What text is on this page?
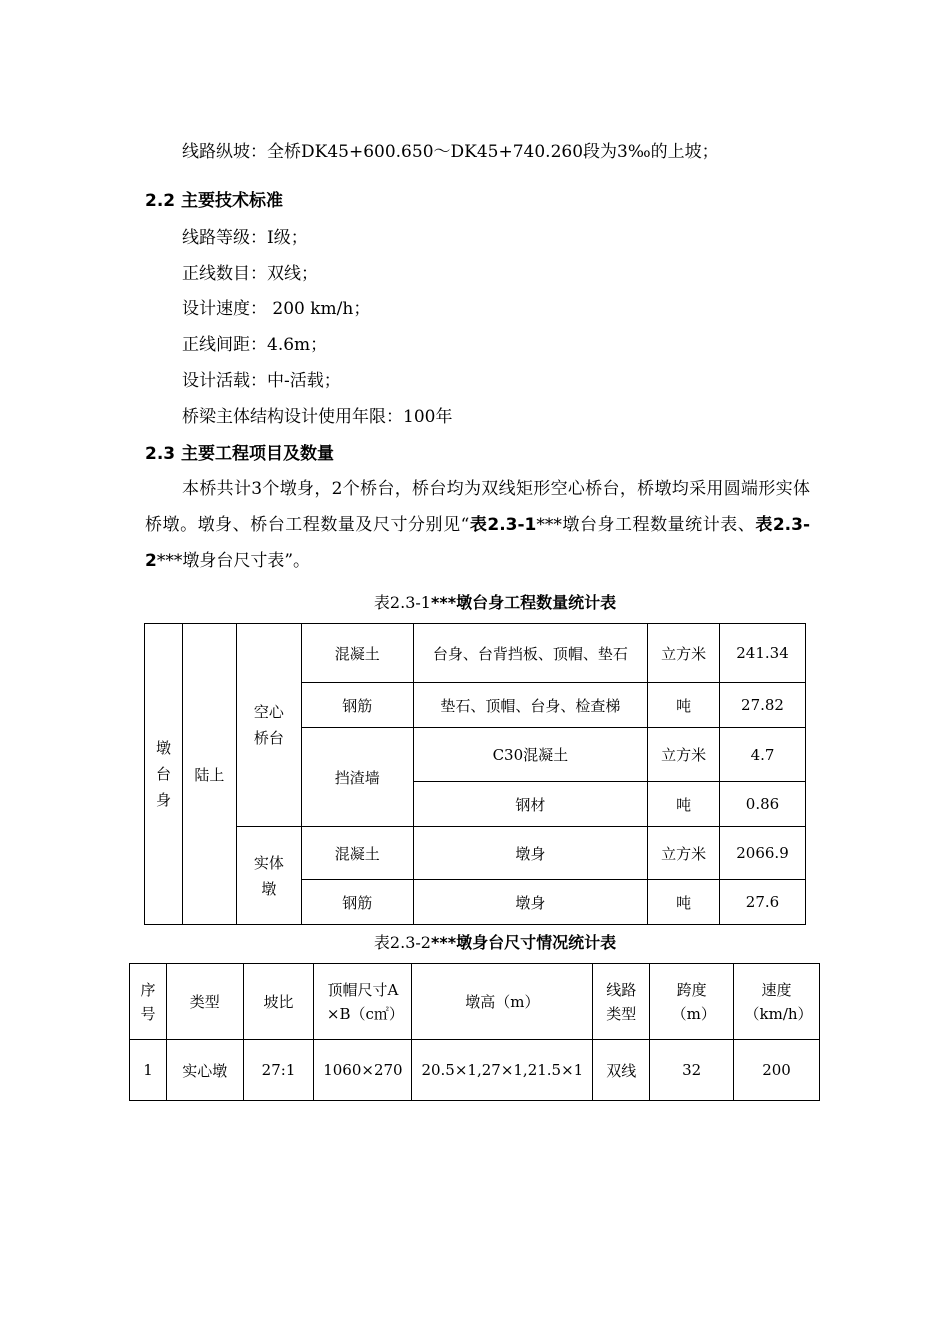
线路纵坡：全桥DK45+600.650～DK45+740.260段为3‰的上坡；
2.2 主要技术标准
线路等级：Ⅰ级；
正线数目：双线；
设计速度： 200 km/h；
正线间距：4.6m；
设计活载：中-活载；
桥梁主体结构设计使用年限：100年
2.3 主要工程项目及数量
本桥共计3个墩身，2个桥台，桥台均为双线矩形空心桥台，桥墩均采用圆端形实体桥墩。墩身、桥台工程数量及尺寸分别见“表2.3-1***墩台身工程数量统计表、表2.3-2***墩身台尺寸表”。
表2.3-1***墩台身工程数量统计表
墩台身	陆上	空心桥台	混凝土	台身、台背挡板、顶帽、垫石	立方米	241.34
			钢筋	垫石、顶帽、台身、检查梯	吨	27.82
			挡渣墙	C30混凝土	立方米	4.7
				钢材	吨	0.86
		实体墩	混凝土	墩身	立方米	2066.9
			钢筋	墩身	吨	27.6
表2.3-2***墩身台尺寸情况统计表
序号	类型	坡比	顶帽尺寸A×B（c㎡）	墩高（m）	线路类型	跨度（m）	速度（km/h）
1	实心墩	27:1	1060×270	20.5×1,27×1,21.5×1	双线	32	200
